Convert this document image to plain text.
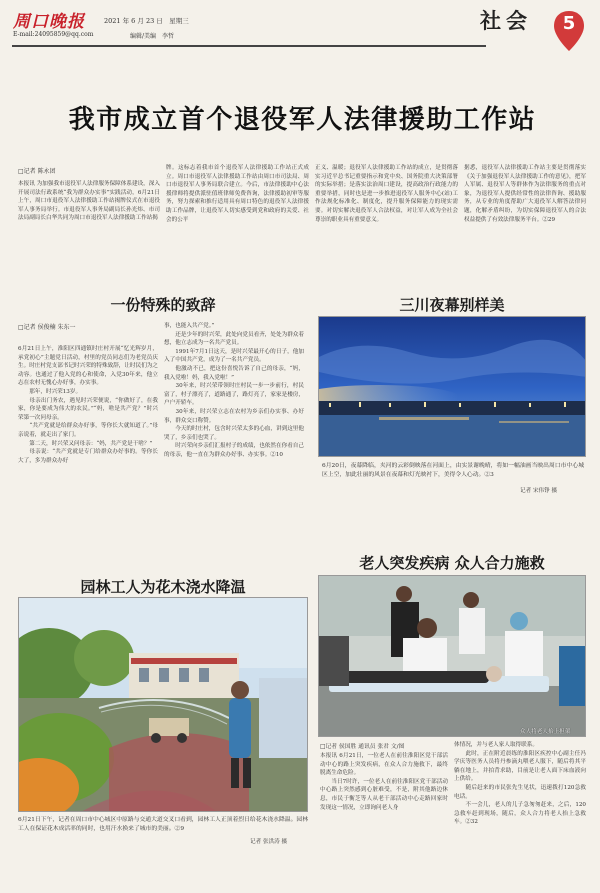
周口晚报	2021 年 6 月 23 日　星期三
E-mail:24095859@qq.com	编辑/美编　李哲
社会	5
我市成立首个退役军人法律援助工作站
□记者 陈永团
本报讯 为加强我市退役军人法律服务保障体系建设，深入开展司法行政系统“我为群众办实事”实践活动，6月21日上午，周口市退役军人法律援助工作站揭牌仪式在市退役军人事务局举行。市退役军人事务局副局长孙光炜、市司法局副局长白华共同为周口市退役军人法律援助工作站揭
牌。这标志着我市首个退役军人法律援助工作站正式成立。周口市退役军人法律援助工作站由周口市司法局、周口市退役军人事务局联合建立。今后，市法律援助中心法援律师将提供派驻值班律师免费咨询，法律援助初审等服务，努力探索和推行适用具有周口特色的退役军人法律援助工作品牌，让退役军人切实感受到党和政府的关爱、社会的公平
正义、温暖；退役军人法律援助工作站的成立，是贯彻落实习近平总书记重要指示和党中央、国务院重大决策部署的实际举措；是落实法治周口建设，提高政治行政能力的重要举措，同时也是进一步推进退役军人服务中心(站)工作法规化标准化、制度化，提升服务保障能力的现实需要。对切实解决退役军人合法权益，对让军人成为全社会尊崇的职业具有重要意义。
据悉，退役军人法律援助工作站主要是贯彻落实《关于加强退役军人法律援助工作的意见》，把军人军属、退役军人等群体作为法律服务的重点对象，为退役军人提供经常性的法律咨询、援助服务，从专业的角度帮助广大退役军人解答法律问题，化解矛盾纠纷，为切实保障退役军人的合法权益提供了有效法律服务平台。②29
一份特殊的致辞
□记者 侯俊楠 朱东一
6月21日上午，淮阳区四通镇时庄村开展“忆光辉岁月，承党初心”主题党日活动，村里的党员同志们为老党员庆生。时庄村党支部书记时兴荣的特殊致辞，让时民们为之动容。也通过了他入党的心和使命，入党30年来，他立志在农村无愧心办好事，办实事。
　　那年，时兴荣13岁。
　　母亲出门务农，遇见时兴荣便说，“你做好了，在我家，你是要成为伟大的农民。”“妈，啥是共产党？”时兴荣第一次问母亲。
　　“共产党就是给群众办好事，等你长大就知道了。”母亲说着，就走出了家门。
　　第二天，时兴荣又问母亲：“妈，共产党是干啥？”
　　母亲说：“共产党就是专门给群众办好事的。等你长大了，多为群众办好
事，也能入共产党。”
　　还是少年的时兴荣，此处向党员看齐，处处为群众着想，他立志成为一名共产党员。
　　1991年7月1日这天，是时兴荣最开心的日子，他加入了中国共产党，成为了一名共产党员。
　　他激动不已，把这份喜悦告诉了自己的母亲，“妈，我入党啦！妈，我入党啦！”
　　30年来，时兴荣带领时庄村民一步一步前行，村民富了，村子漂亮了，道路通了，路灯亮了，家家是楼房，户户开轿车。
　　30年来，时兴荣立志在农村为乡亲们办实事、办好事，群众交口称赞。
　　今天的时庄村，包含时兴荣太多的心血，讲到这里他哭了，乡亲们也哭了。
　　时兴荣向乡亲们汇报村子的成绩，也依然在你看自己的母亲，他一直在为群众办好事、办实事。②10
三川夜幕别样美
6月20日，夜幕降临，夹河的云彩倒映落在河面上，由实景谢晚晴，将如一幅油画当映出周口市中心城区上空，加此壮丽的风景在夜幕和灯光映衬下，美得令人心动。②3
记者 宋伟铮 摄
园林工人为花木浇水降温
6月21日下午，记者在周口市中心城区中原路与交通大道交叉口看到，园林工人正顶着烈日给花木浇水降温。园林工人在保证花木成活率的同时，也用汗水换来了城市的美丽。②9
记者 张洪涛 摄
老人突发疾病 众人合力施救
众人将老人抬上担架
□记者 侯国胜 通讯员 张君 文/图
本报讯 6月21日，一位老人在前往淮阳区党干部活动中心的路上突发疾病，在众人合力施救下，最终脱离生命危险。
　　当日7时许，一位老人在前往淮阳区党干部活动中心路上突然感到心脏难受，不是，附其他路边休息，市民于衡芝等人从老干部活动中心走路回家时发现这一情况，立即询问老人身
体情况，并与老人家人取得联系。
　　此时，正在附近晨练的淮阳区疾控中心副主任冯学庆等医务人员将丹参滴丸喂老人服下，随后将其平躺在地上，并拍背求助，目前是让老人面下床血液向上供给。
　　随后赶来的市民张先生见状，迅速拨打120急救电话。
　　不一会儿，老人的儿子急匆匆赶来，之后，120急救车赶到现场，随后，众人合力将老人抬上急救车。②32
